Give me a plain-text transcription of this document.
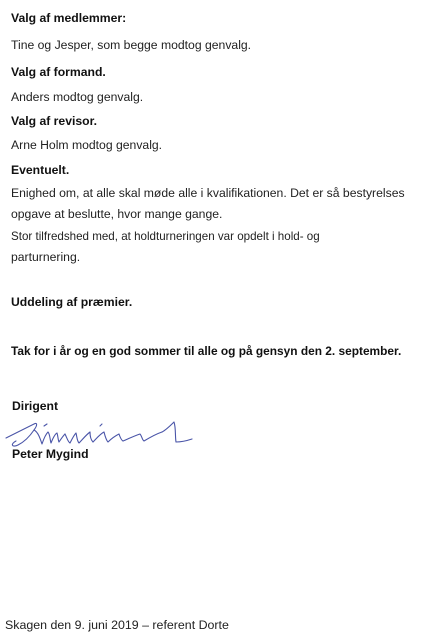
Valg af medlemmer:

Tine og Jesper, som begge modtog genvalg.

Valg af formand.

Anders modtog genvalg.

Valg af revisor.

Arne Holm modtog genvalg.

Eventuelt.

Enighed om, at alle skal møde alle i kvalifikationen. Det er så bestyrelses

opgave at beslutte, hvor mange gange.

Stor tilfredshed med, at holdturneringen var opdelt i hold- og

parturnering.

Uddeling af præmier.

Tak for i år og en god sommer til alle og på gensyn den 2. september.

Dirigent

Peter Mygind

Skagen den 9. juni 2019 – referent Dorte
